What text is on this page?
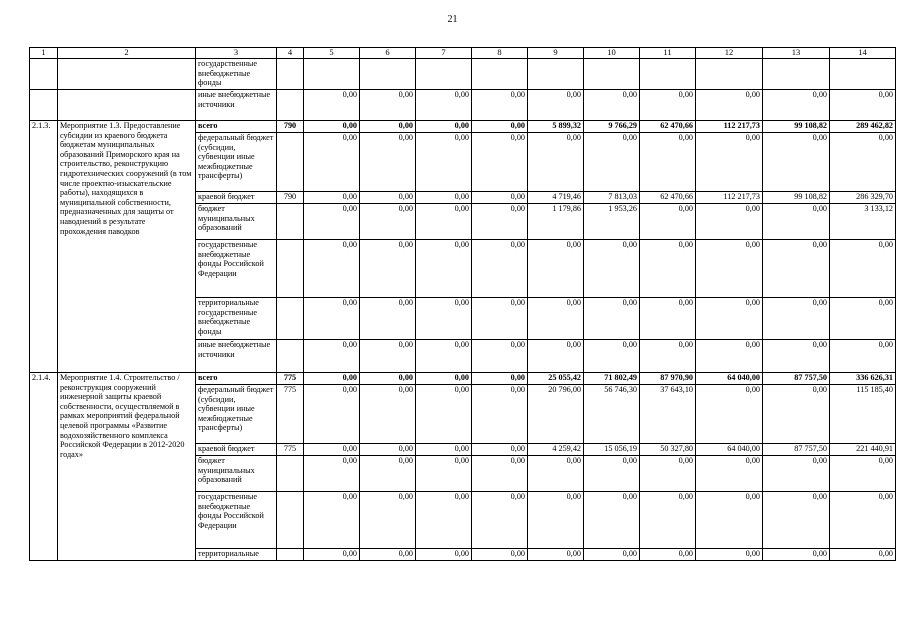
21
1	2	3	4	5	6	7	8	9	10	11	12	13	14
		государственные внебюджетные фонды											
		иные внебюджетные источники		0,00	0,00	0,00	0,00	0,00	0,00	0,00	0,00	0,00	0,00
2.1.3.	Мероприятие 1.3. Предоставление субсидии из краевого бюджета бюджетам муниципальных образований Приморского края на строительство, реконструкцию гидротехнических сооружений (в том числе проектно-изыскательские работы), находящихся в муниципальной собственности, предназначенных для защиты от наводнений в результате прохождения паводков	всего	790	0,00	0,00	0,00	0,00	5 899,32	9 766,29	62 470,66	112 217,73	99 108,82	289 462,82
		федеральный бюджет (субсидии, субвенции иные межбюджетные трансферты)		0,00	0,00	0,00	0,00	0,00	0,00	0,00	0,00	0,00	0,00
		краевой бюджет	790	0,00	0,00	0,00	0,00	4 719,46	7 813,03	62 470,66	112 217,73	99 108,82	286 329,70
		бюджет муниципальных образований		0,00	0,00	0,00	0,00	1 179,86	1 953,26	0,00	0,00	0,00	3 133,12
		государственные внебюджетные фонды Российской Федерации		0,00	0,00	0,00	0,00	0,00	0,00	0,00	0,00	0,00	0,00
		территориальные государственные внебюджетные фонды		0,00	0,00	0,00	0,00	0,00	0,00	0,00	0,00	0,00	0,00
		иные внебюджетные источники		0,00	0,00	0,00	0,00	0,00	0,00	0,00	0,00	0,00	0,00
2.1.4.	Мероприятие 1.4. Строительство /реконструкция сооружений инженерной защиты краевой собственности, осуществляемой в рамках мероприятий федеральной целевой программы «Развитие водохозяйственного комплекса Российской Федерации в 2012-2020 годах»	всего	775	0,00	0,00	0,00	0,00	25 055,42	71 802,49	87 970,90	64 040,00	87 757,50	336 626,31
		федеральный бюджет (субсидии, субвенции иные межбюджетные трансферты)	775	0,00	0,00	0,00	0,00	20 796,00	56 746,30	37 643,10	0,00	0,00	115 185,40
		краевой бюджет	775	0,00	0,00	0,00	0,00	4 259,42	15 056,19	50 327,80	64 040,00	87 757,50	221 440,91
		бюджет муниципальных образований		0,00	0,00	0,00	0,00	0,00	0,00	0,00	0,00	0,00	0,00
		государственные внебюджетные фонды Российской Федерации		0,00	0,00	0,00	0,00	0,00	0,00	0,00	0,00	0,00	0,00
		территориальные		0,00	0,00	0,00	0,00	0,00	0,00	0,00	0,00	0,00	0,00
